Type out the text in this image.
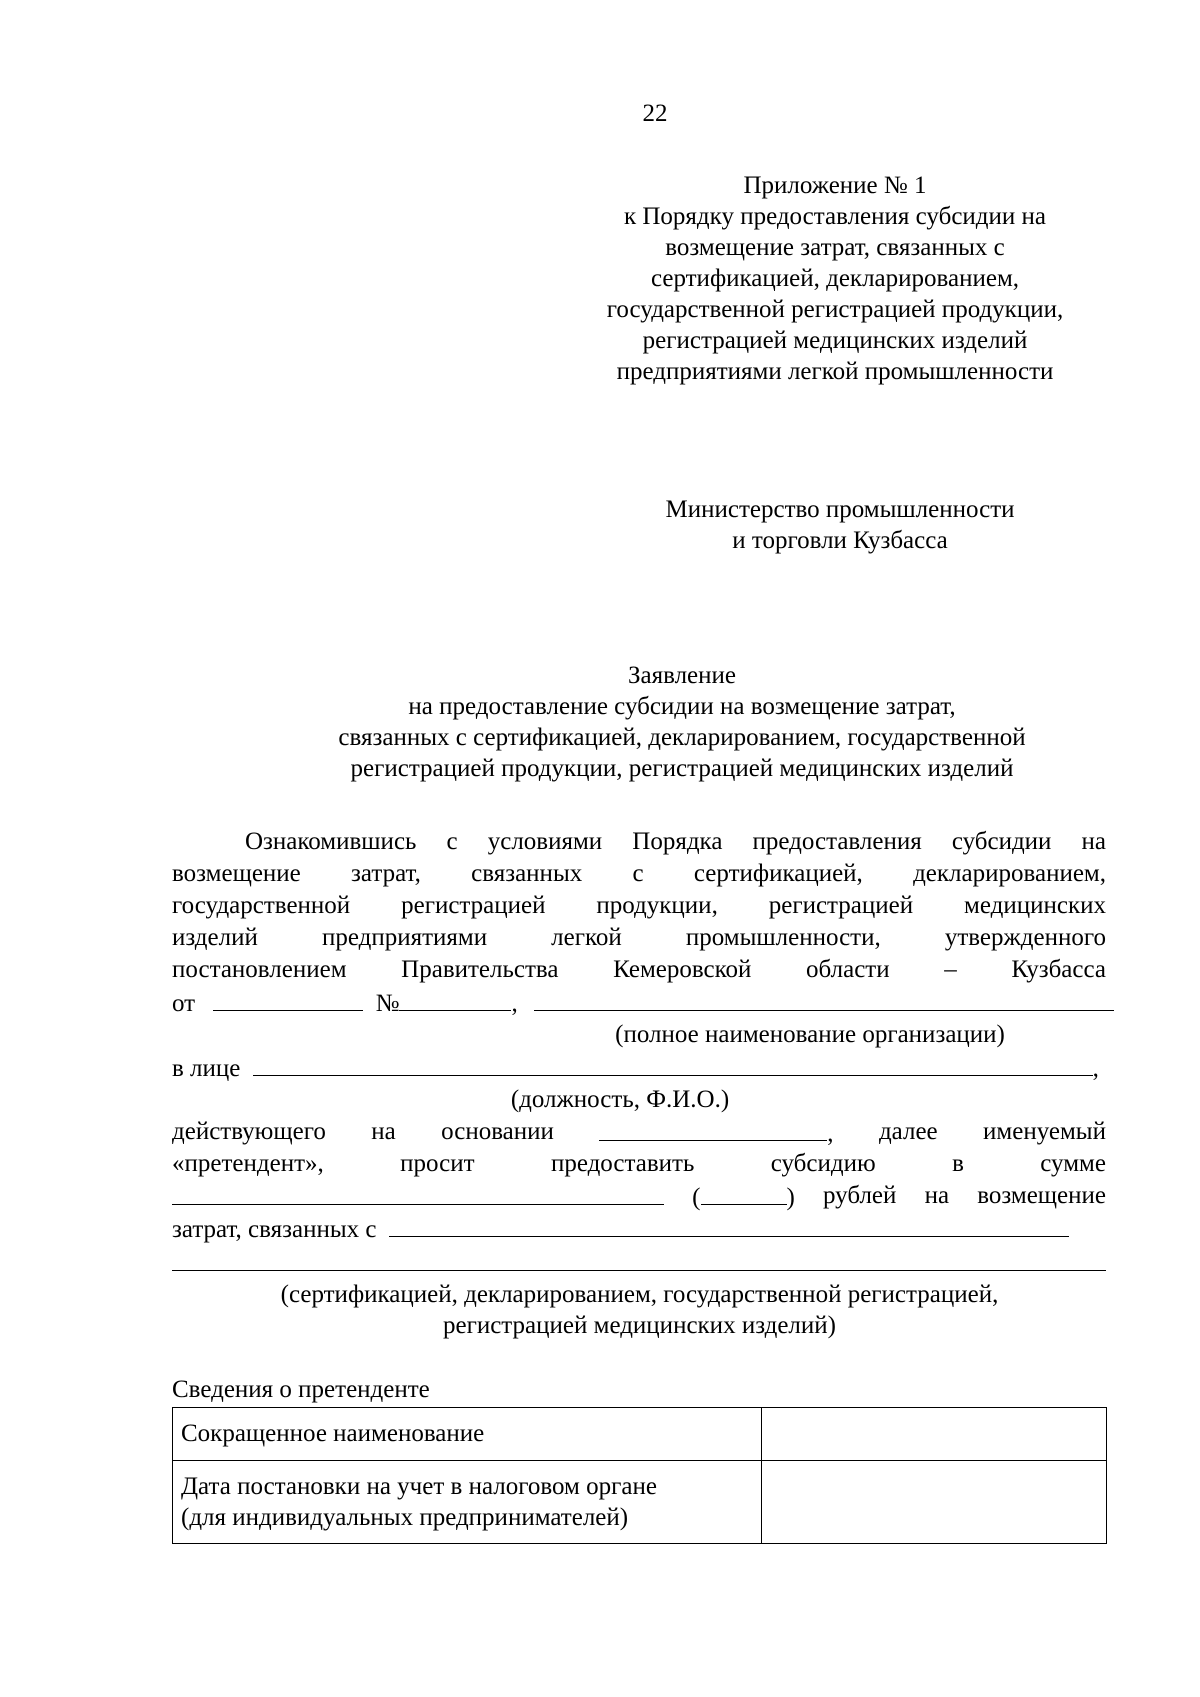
22
Приложение № 1
к Порядку предоставления субсидии на
возмещение затрат, связанных с
сертификацией, декларированием,
государственной регистрацией продукции,
регистрацией медицинских изделий
предприятиями легкой промышленности
Министерство промышленности
и торговли Кузбасса
Заявление
на предоставление субсидии на возмещение затрат,
связанных с сертификацией, декларированием, государственной
регистрацией продукции, регистрацией медицинских изделий
Ознакомившись с условиями Порядка предоставления субсидии на
возмещение затрат, связанных с сертификацией, декларированием,
государственной регистрацией продукции, регистрацией медицинских
изделий предприятиями легкой промышленности, утвержденного
постановлением Правительства Кемеровской области – Кузбасса
от	№	,
(полное наименование организации)
в лице	,
(должность, Ф.И.О.)
действующего на основании	, далее именуемый
«претендент»,	просит	предоставить	субсидию	в	сумме
(	) рублей на возмещение
затрат, связанных с
(сертификацией, декларированием, государственной регистрацией,
регистрацией медицинских изделий)
Сведения о претенденте
Сокращенное наименование	

Дата постановки на учет в налоговом органе
(для индивидуальных предпринимателей)	
